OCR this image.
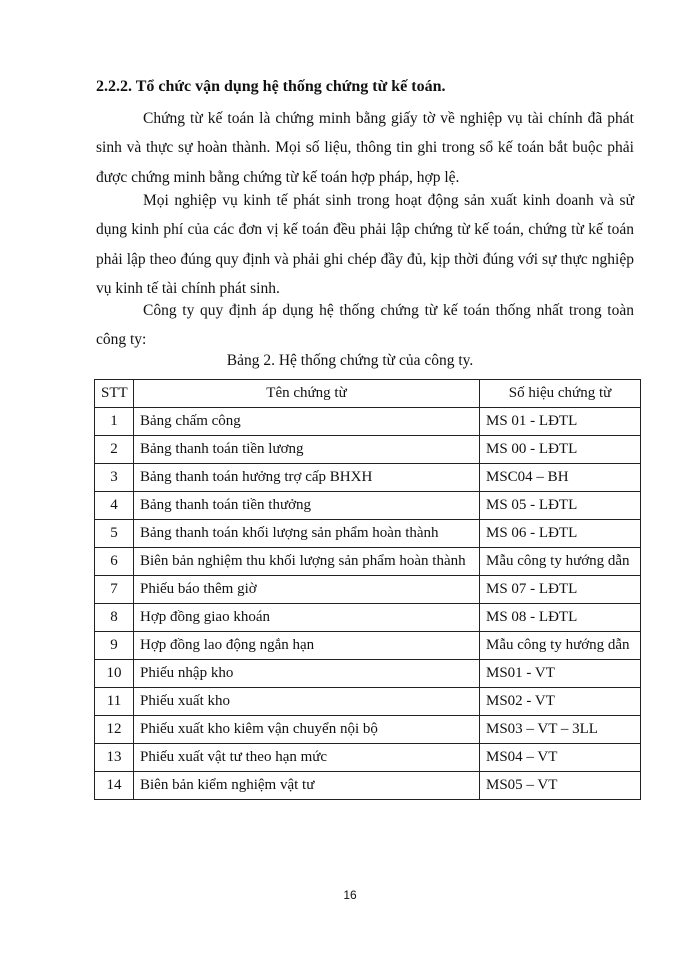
2.2.2. Tổ chức vận dụng hệ thống chứng từ kế toán.

Chứng từ kế toán là chứng minh bằng giấy tờ về nghiệp vụ tài chính đã phát sinh và thực sự hoàn thành. Mọi số liệu, thông tin ghi trong sổ kế toán bắt buộc phải được chứng minh bằng chứng từ kế toán hợp pháp, hợp lệ.

Mọi nghiệp vụ kinh tế phát sinh trong hoạt động sản xuất kinh doanh và sử dụng kinh phí của các đơn vị kế toán đều phải lập chứng từ kế toán, chứng từ kế toán phải lập theo đúng quy định và phải ghi chép đầy đủ, kịp thời đúng với sự thực nghiệp vụ kinh tế tài chính phát sinh.

Công ty quy định áp dụng hệ thống chứng từ kế toán thống nhất trong toàn công ty:

Bảng 2. Hệ thống chứng từ của công ty.
STT	Tên chứng từ	Số hiệu chứng từ
1	Bảng chấm công	MS 01 - LĐTL
2	Bảng thanh toán tiền lương	MS 00 - LĐTL
3	Bảng thanh toán hưởng trợ cấp BHXH	MSC04 – BH
4	Bảng thanh toán tiền thưởng	MS 05 - LĐTL
5	Bảng thanh toán khối lượng sản phẩm hoàn thành	MS 06 - LĐTL
6	Biên bản nghiệm thu khối lượng sản phẩm hoàn thành	Mẫu công ty hướng dẫn
7	Phiếu báo thêm giờ	MS 07 - LĐTL
8	Hợp đồng giao khoán	MS 08 - LĐTL
9	Hợp đồng lao động ngắn hạn	Mẫu công ty hướng dẫn
10	Phiếu nhập kho	MS01 - VT
11	Phiếu xuất kho	MS02 - VT
12	Phiếu xuất kho kiêm vận chuyển nội bộ	MS03 – VT – 3LL
13	Phiếu xuất vật tư theo hạn mức	MS04 – VT
14	Biên bản kiểm nghiệm vật tư	MS05 – VT
16
